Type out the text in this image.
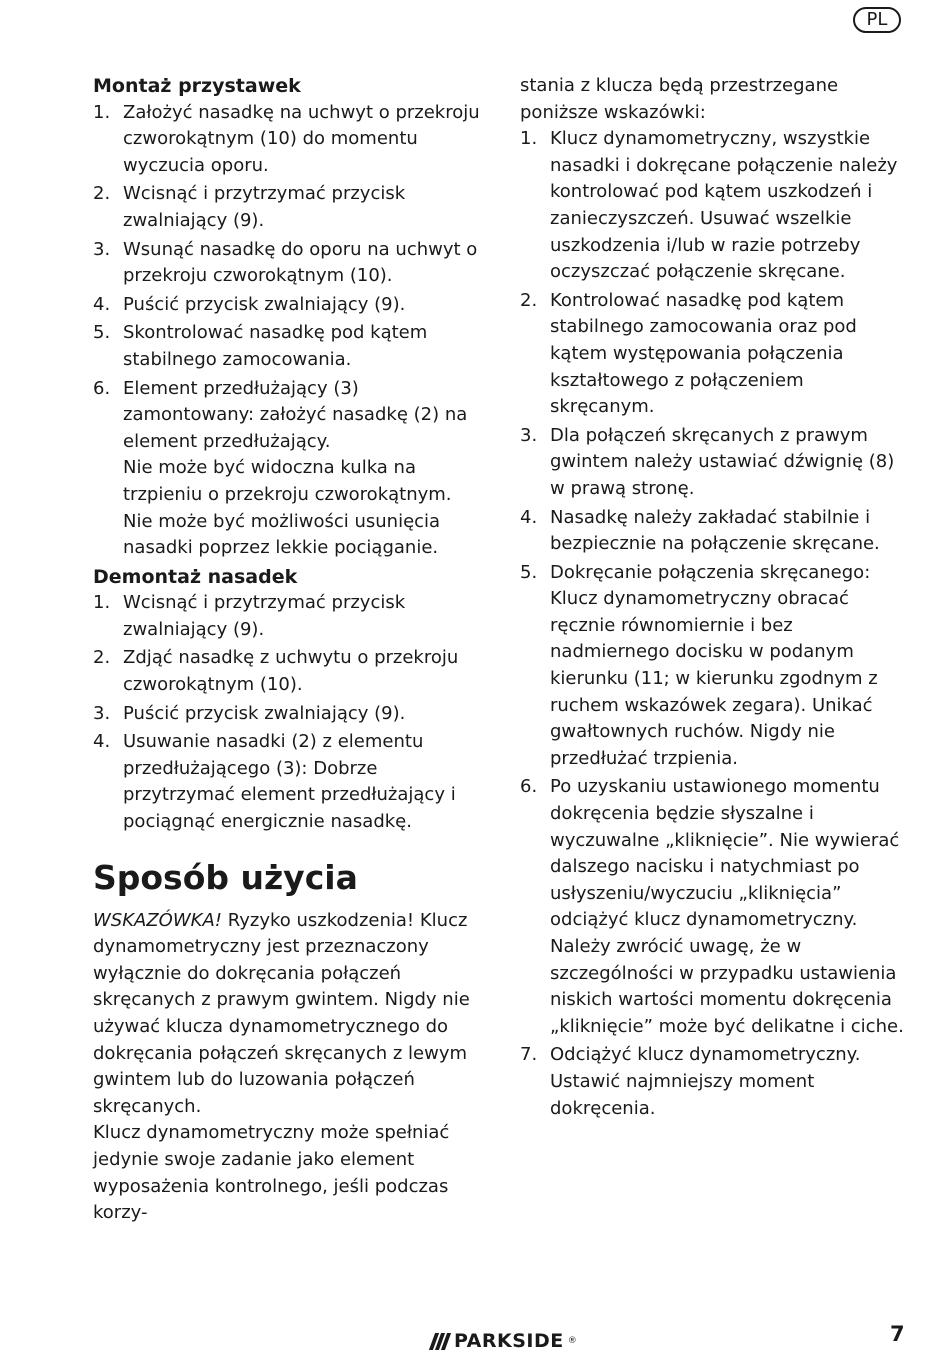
PL
Montaż przystawek
1. Założyć nasadkę na uchwyt o przekroju czworokątnym (10) do momentu wyczucia oporu.
2. Wcisnąć i przytrzymać przycisk zwalniający (9).
3. Wsunąć nasadkę do oporu na uchwyt o przekroju czworokątnym (10).
4. Puścić przycisk zwalniający (9).
5. Skontrolować nasadkę pod kątem stabilnego zamocowania.
6. Element przedłużający (3) zamontowany: założyć nasadkę (2) na element przedłużający.
Nie może być widoczna kulka na trzpieniu o przekroju czworokątnym. Nie może być możliwości usunięcia nasadki poprzez lekkie pociąganie.
Demontaż nasadek
1. Wcisnąć i przytrzymać przycisk zwalniający (9).
2. Zdjąć nasadkę z uchwytu o przekroju czworokątnym (10).
3. Puścić przycisk zwalniający (9).
4. Usuwanie nasadki (2) z elementu przedłużającego (3): Dobrze przytrzymać element przedłużający i pociągnąć energicznie nasadkę.
Sposób użycia

WSKAZÓWKA! Ryzyko uszkodzenia! Klucz dynamometryczny jest przeznaczony wyłącznie do dokręcania połączeń skręcanych z prawym gwintem. Nigdy nie używać klucza dynamometrycznego do dokręcania połączeń skręcanych z lewym gwintem lub do luzowania połączeń skręcanych.

Klucz dynamometryczny może spełniać jedynie swoje zadanie jako element wyposażenia kontrolnego, jeśli podczas korzy-

stania z klucza będą przestrzegane poniższe wskazówki:

1. Klucz dynamometryczny, wszystkie nasadki i dokręcane połączenie należy kontrolować pod kątem uszkodzeń i zanieczyszczeń. Usuwać wszelkie uszkodzenia i/lub w razie potrzeby oczyszczać połączenie skręcane.
2. Kontrolować nasadkę pod kątem stabilnego zamocowania oraz pod kątem występowania połączenia kształtowego z połączeniem skręcanym.
3. Dla połączeń skręcanych z prawym gwintem należy ustawiać dźwignię (8) w prawą stronę.
4. Nasadkę należy zakładać stabilnie i bezpiecznie na połączenie skręcane.
5. Dokręcanie połączenia skręcanego: Klucz dynamometryczny obracać ręcznie równomiernie i bez nadmiernego docisku w podanym kierunku (11; w kierunku zgodnym z ruchem wskazówek zegara). Unikać gwałtownych ruchów. Nigdy nie przedłużać trzpienia.
6. Po uzyskaniu ustawionego momentu dokręcenia będzie słyszalne i wyczuwalne „kliknięcie”. Nie wywierać dalszego nacisku i natychmiast po usłyszeniu/wyczuciu „kliknięcia” odciążyć klucz dynamometryczny. Należy zwrócić uwagę, że w szczególności w przypadku ustawienia niskich wartości momentu dokręcenia „kliknięcie” może być delikatne i ciche.
7. Odciążyć klucz dynamometryczny. Ustawić najmniejszy moment dokręcenia.
PARKSIDE ®	7
